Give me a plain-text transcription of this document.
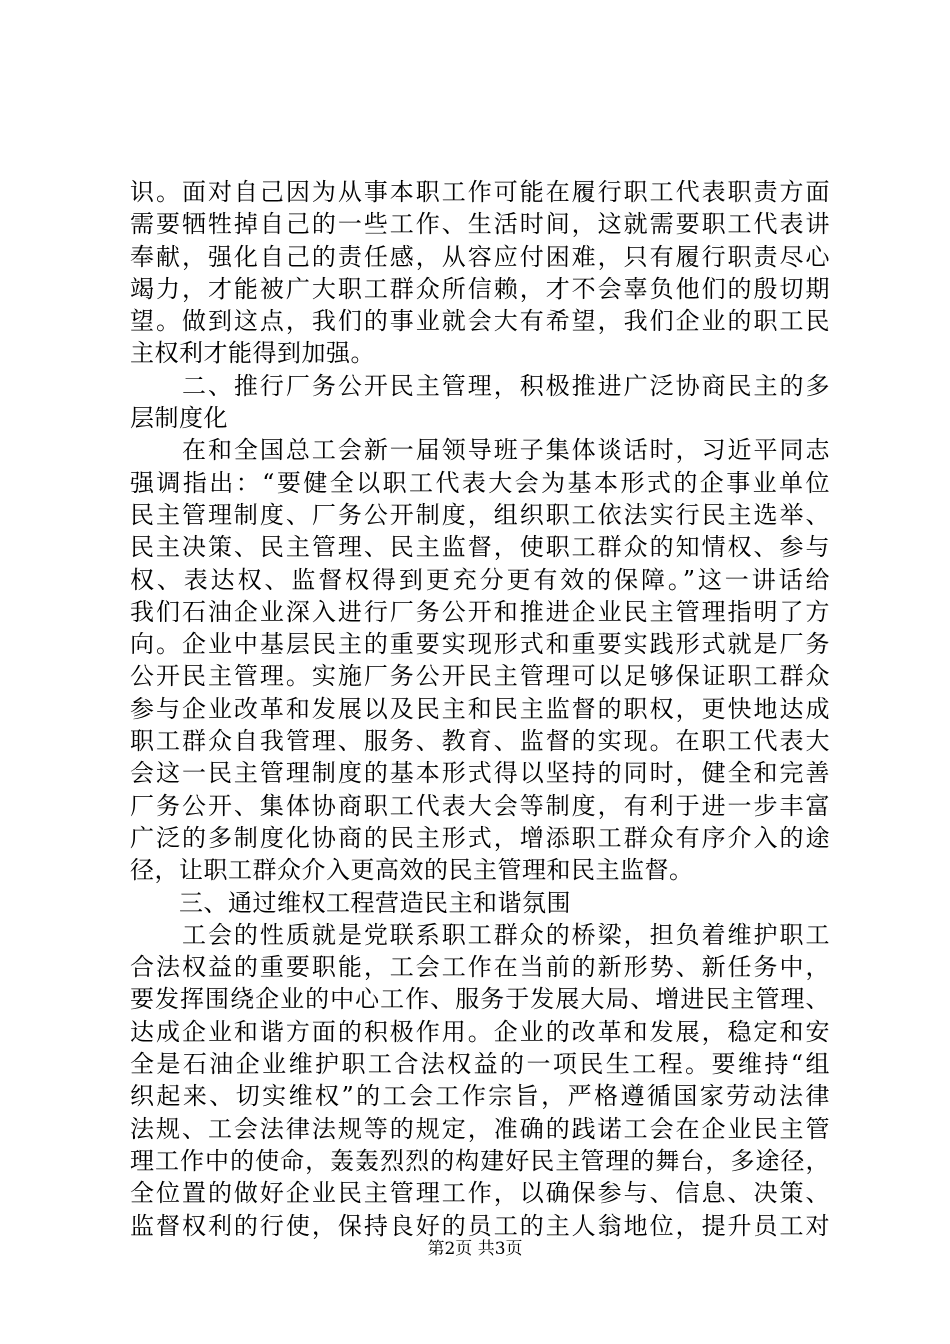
识。面对自己因为从事本职工作可能在履行职工代表职责方面
需要牺牲掉自己的一些工作、生活时间，这就需要职工代表讲
奉献，强化自己的责任感，从容应付困难，只有履行职责尽心
竭力，才能被广大职工群众所信赖，才不会辜负他们的殷切期
望。做到这点，我们的事业就会大有希望，我们企业的职工民
主权利才能得到加强。
　　二、推行厂务公开民主管理，积极推进广泛协商民主的多
层制度化
　　在和全国总工会新一届领导班子集体谈话时，习近平同志
强调指出：“要健全以职工代表大会为基本形式的企事业单位
民主管理制度、厂务公开制度，组织职工依法实行民主选举、
民主决策、民主管理、民主监督，使职工群众的知情权、参与
权、表达权、监督权得到更充分更有效的保障。”这一讲话给
我们石油企业深入进行厂务公开和推进企业民主管理指明了方
向。企业中基层民主的重要实现形式和重要实践形式就是厂务
公开民主管理。实施厂务公开民主管理可以足够保证职工群众
参与企业改革和发展以及民主和民主监督的职权，更快地达成
职工群众自我管理、服务、教育、监督的实现。在职工代表大
会这一民主管理制度的基本形式得以坚持的同时，健全和完善
厂务公开、集体协商职工代表大会等制度，有利于进一步丰富
广泛的多制度化协商的民主形式，增添职工群众有序介入的途
径，让职工群众介入更高效的民主管理和民主监督。
　　三、通过维权工程营造民主和谐氛围
　　工会的性质就是党联系职工群众的桥梁，担负着维护职工
合法权益的重要职能，工会工作在当前的新形势、新任务中，
要发挥围绕企业的中心工作、服务于发展大局、增进民主管理、
达成企业和谐方面的积极作用。企业的改革和发展，稳定和安
全是石油企业维护职工合法权益的一项民生工程。要维持“组
织起来、切实维权”的工会工作宗旨，严格遵循国家劳动法律
法规、工会法律法规等的规定，准确的践诺工会在企业民主管
理工作中的使命，轰轰烈烈的构建好民主管理的舞台，多途径，
全位置的做好企业民主管理工作，以确保参与、信息、决策、
监督权利的行使，保持良好的员工的主人翁地位，提升员工对
第2页 共3页
